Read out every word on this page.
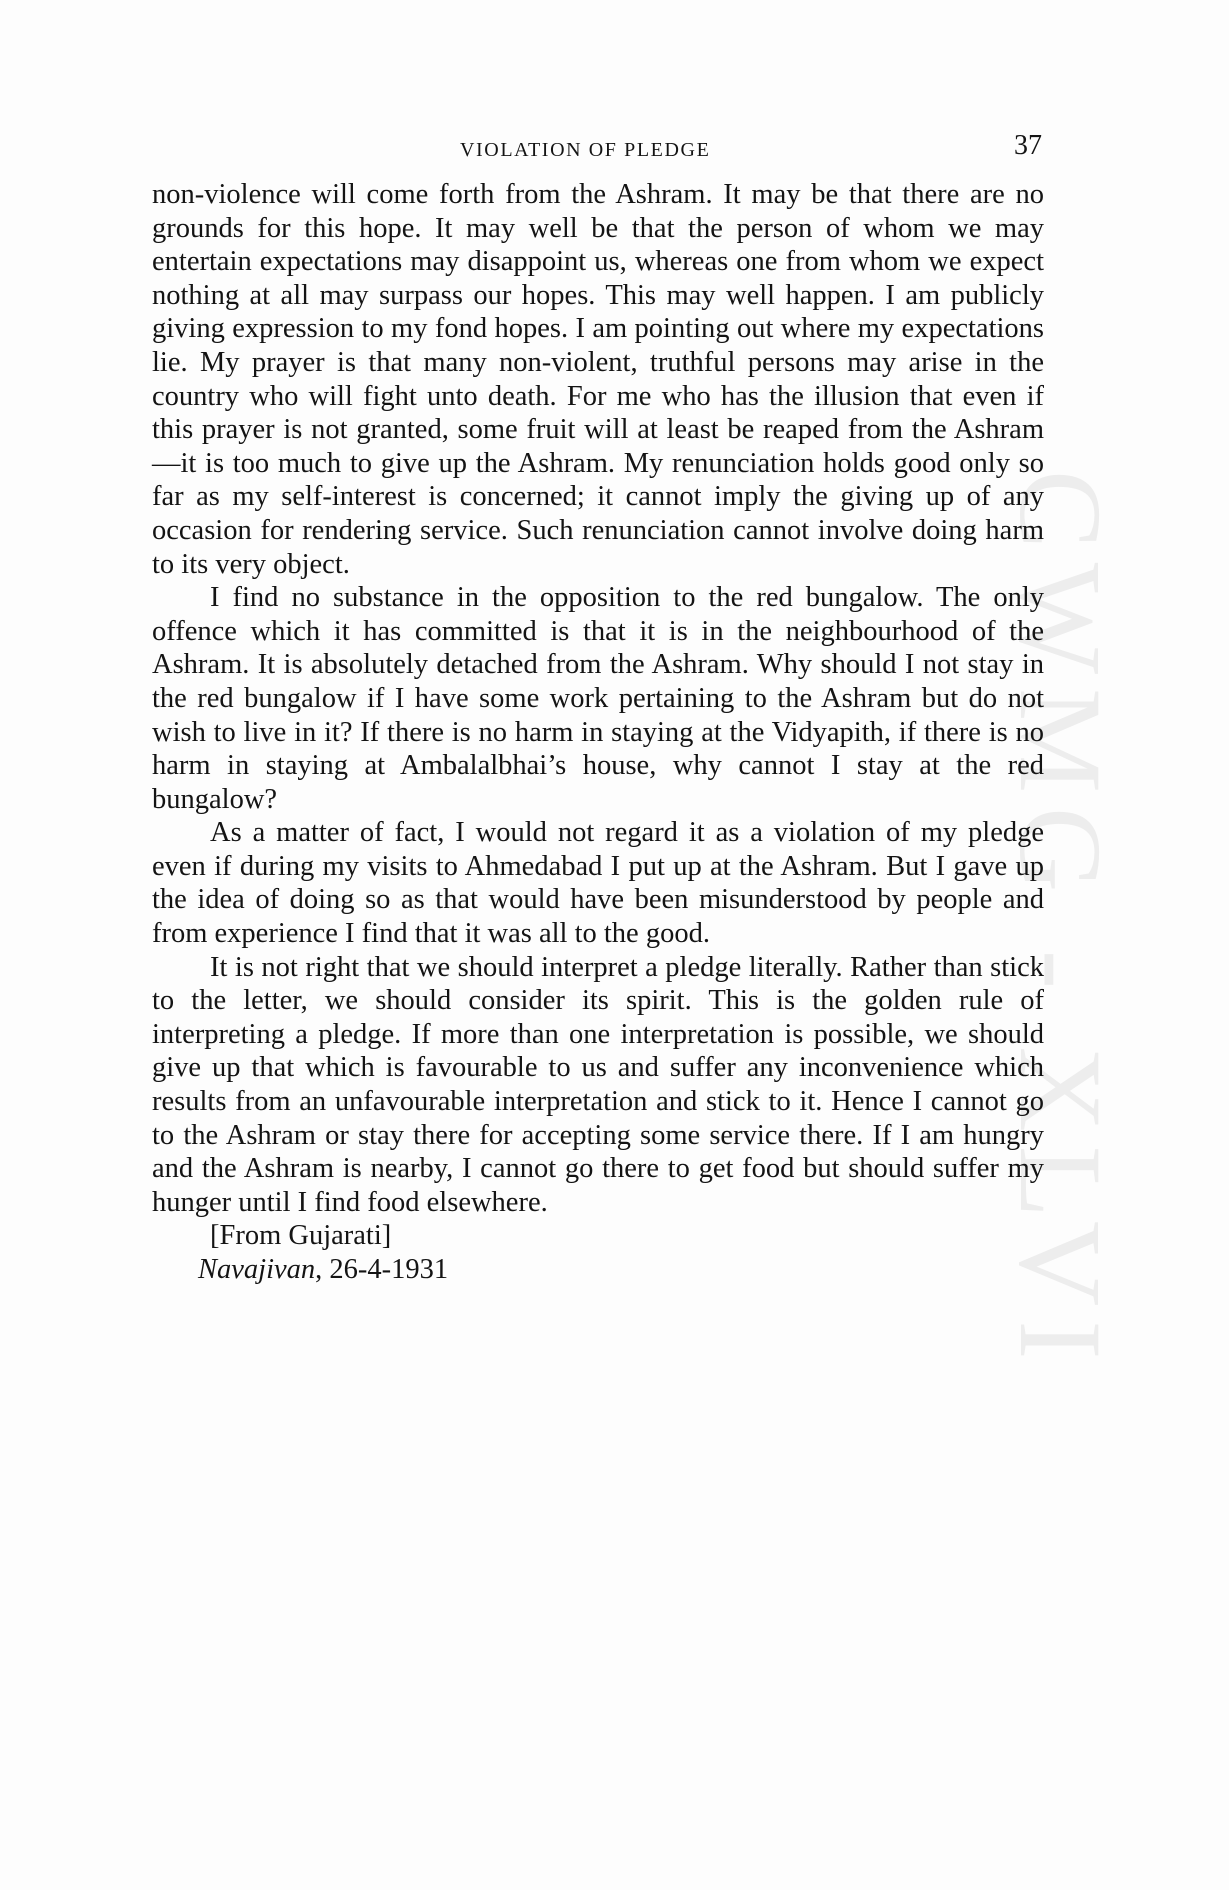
CWMG - XLVI
VIOLATION OF PLEDGE	37

non-violence will come forth from the Ashram. It may be that there are no grounds for this hope. It may well be that the person of whom we may entertain expectations may disappoint us, whereas one from whom we expect nothing at all may surpass our hopes. This may well happen. I am publicly giving expression to my fond hopes. I am pointing out where my expectations lie. My prayer is that many non-violent, truthful persons may arise in the country who will fight unto death. For me who has the illusion that even if this prayer is not granted, some fruit will at least be reaped from the Ashram—it is too much to give up the Ashram. My renunciation holds good only so far as my self-interest is concerned; it cannot imply the giving up of any occasion for rendering service. Such renunciation cannot involve doing harm to its very object.

I find no substance in the opposition to the red bungalow. The only offence which it has committed is that it is in the neighbourhood of the Ashram. It is absolutely detached from the Ashram. Why should I not stay in the red bungalow if I have some work pertaining to the Ashram but do not wish to live in it? If there is no harm in staying at the Vidyapith, if there is no harm in staying at Ambalalbhai’s house, why cannot I stay at the red bungalow?

As a matter of fact, I would not regard it as a violation of my pledge even if during my visits to Ahmedabad I put up at the Ashram. But I gave up the idea of doing so as that would have been misunderstood by people and from experience I find that it was all to the good.

It is not right that we should interpret a pledge literally. Rather than stick to the letter, we should consider its spirit. This is the golden rule of interpreting a pledge. If more than one interpretation is possible, we should give up that which is favourable to us and suffer any inconvenience which results from an unfavourable interpretation and stick to it. Hence I cannot go to the Ashram or stay there for accepting some service there. If I am hungry and the Ashram is nearby, I cannot go there to get food but should suffer my hunger until I find food elsewhere.

[From Gujarati]

Navajivan, 26-4-1931
